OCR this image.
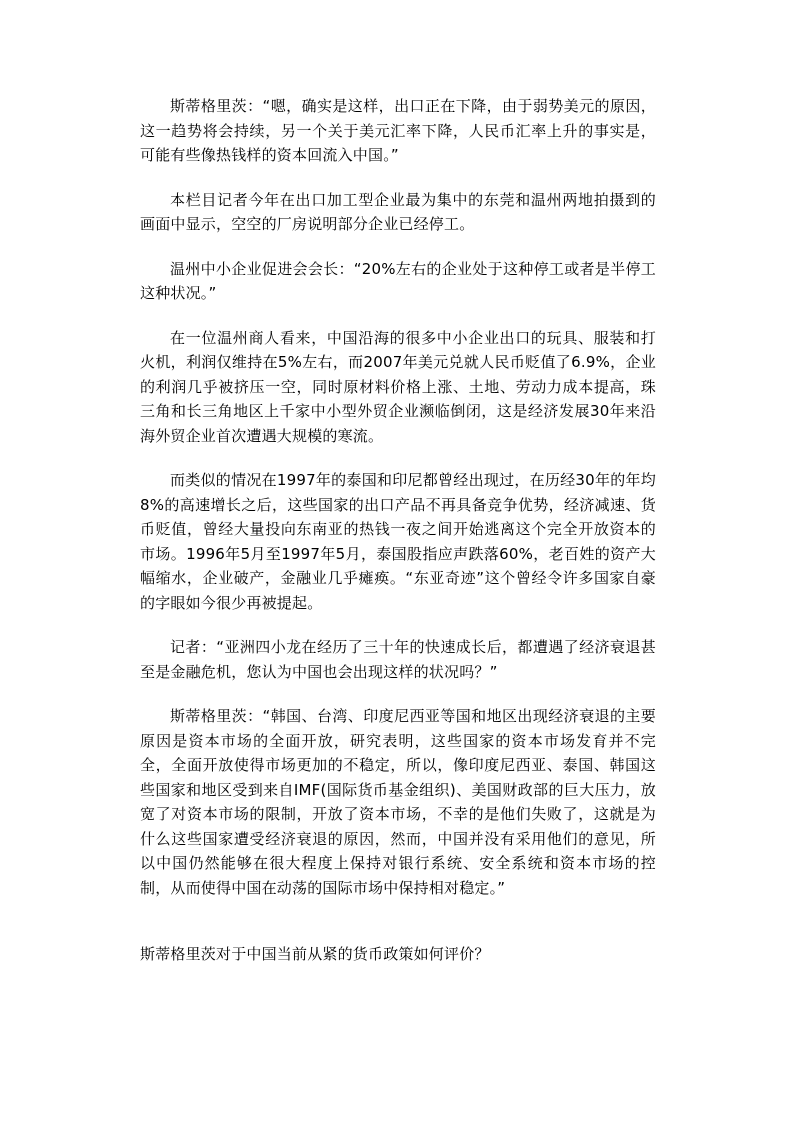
斯蒂格里茨：“嗯，确实是这样，出口正在下降，由于弱势美元的原因，这一趋势将会持续，另一个关于美元汇率下降，人民币汇率上升的事实是，可能有些像热钱样的资本回流入中国。”

本栏目记者今年在出口加工型企业最为集中的东莞和温州两地拍摄到的画面中显示，空空的厂房说明部分企业已经停工。

温州中小企业促进会会长：“20%左右的企业处于这种停工或者是半停工这种状况。”

在一位温州商人看来，中国沿海的很多中小企业出口的玩具、服装和打火机，利润仅维持在5%左右，而2007年美元兑就人民币贬值了6.9%，企业的利润几乎被挤压一空，同时原材料价格上涨、土地、劳动力成本提高，珠三角和长三角地区上千家中小型外贸企业濒临倒闭，这是经济发展30年来沿海外贸企业首次遭遇大规模的寒流。

而类似的情况在1997年的泰国和印尼都曾经出现过，在历经30年的年均8%的高速增长之后，这些国家的出口产品不再具备竞争优势，经济减速、货币贬值，曾经大量投向东南亚的热钱一夜之间开始逃离这个完全开放资本的市场。1996年5月至1997年5月，泰国股指应声跌落60%，老百姓的资产大幅缩水，企业破产，金融业几乎瘫痪。“东亚奇迹”这个曾经令许多国家自豪的字眼如今很少再被提起。

记者：“亚洲四小龙在经历了三十年的快速成长后，都遭遇了经济衰退甚至是金融危机，您认为中国也会出现这样的状况吗？”

斯蒂格里茨：“韩国、台湾、印度尼西亚等国和地区出现经济衰退的主要原因是资本市场的全面开放，研究表明，这些国家的资本市场发育并不完全，全面开放使得市场更加的不稳定，所以，像印度尼西亚、泰国、韩国这些国家和地区受到来自IMF(国际货币基金组织)、美国财政部的巨大压力，放宽了对资本市场的限制，开放了资本市场，不幸的是他们失败了，这就是为什么这些国家遭受经济衰退的原因，然而，中国并没有采用他们的意见，所以中国仍然能够在很大程度上保持对银行系统、安全系统和资本市场的控制，从而使得中国在动荡的国际市场中保持相对稳定。”

斯蒂格里茨对于中国当前从紧的货币政策如何评价？
